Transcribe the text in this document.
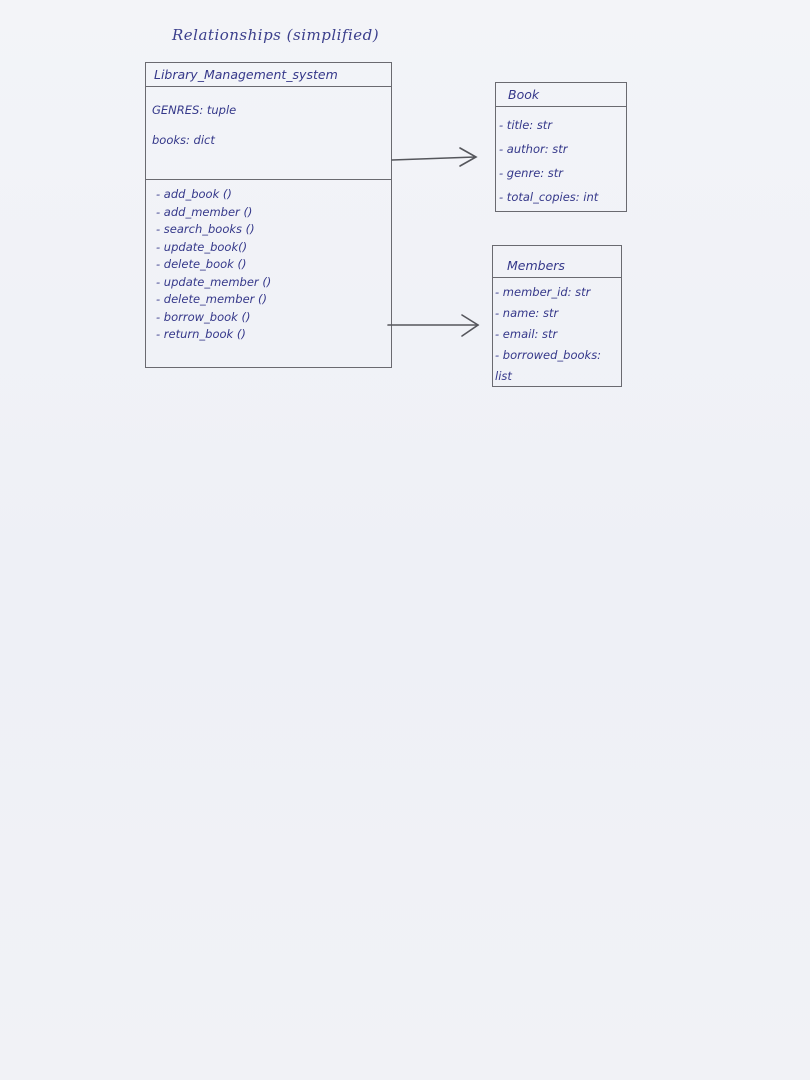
Relationships (simplified)
Library_Management_system
GENRES: tuple
books: dict
- add_book ()
- add_member ()
- search_books ()
- update_book()
- delete_book ()
- update_member ()
- delete_member ()
- borrow_book ()
- return_book ()
Book
- title: str
- author: str
- genre: str
- total_copies: int
Members
- member_id: str
- name: str
- email: str
- borrowed_books:
list
